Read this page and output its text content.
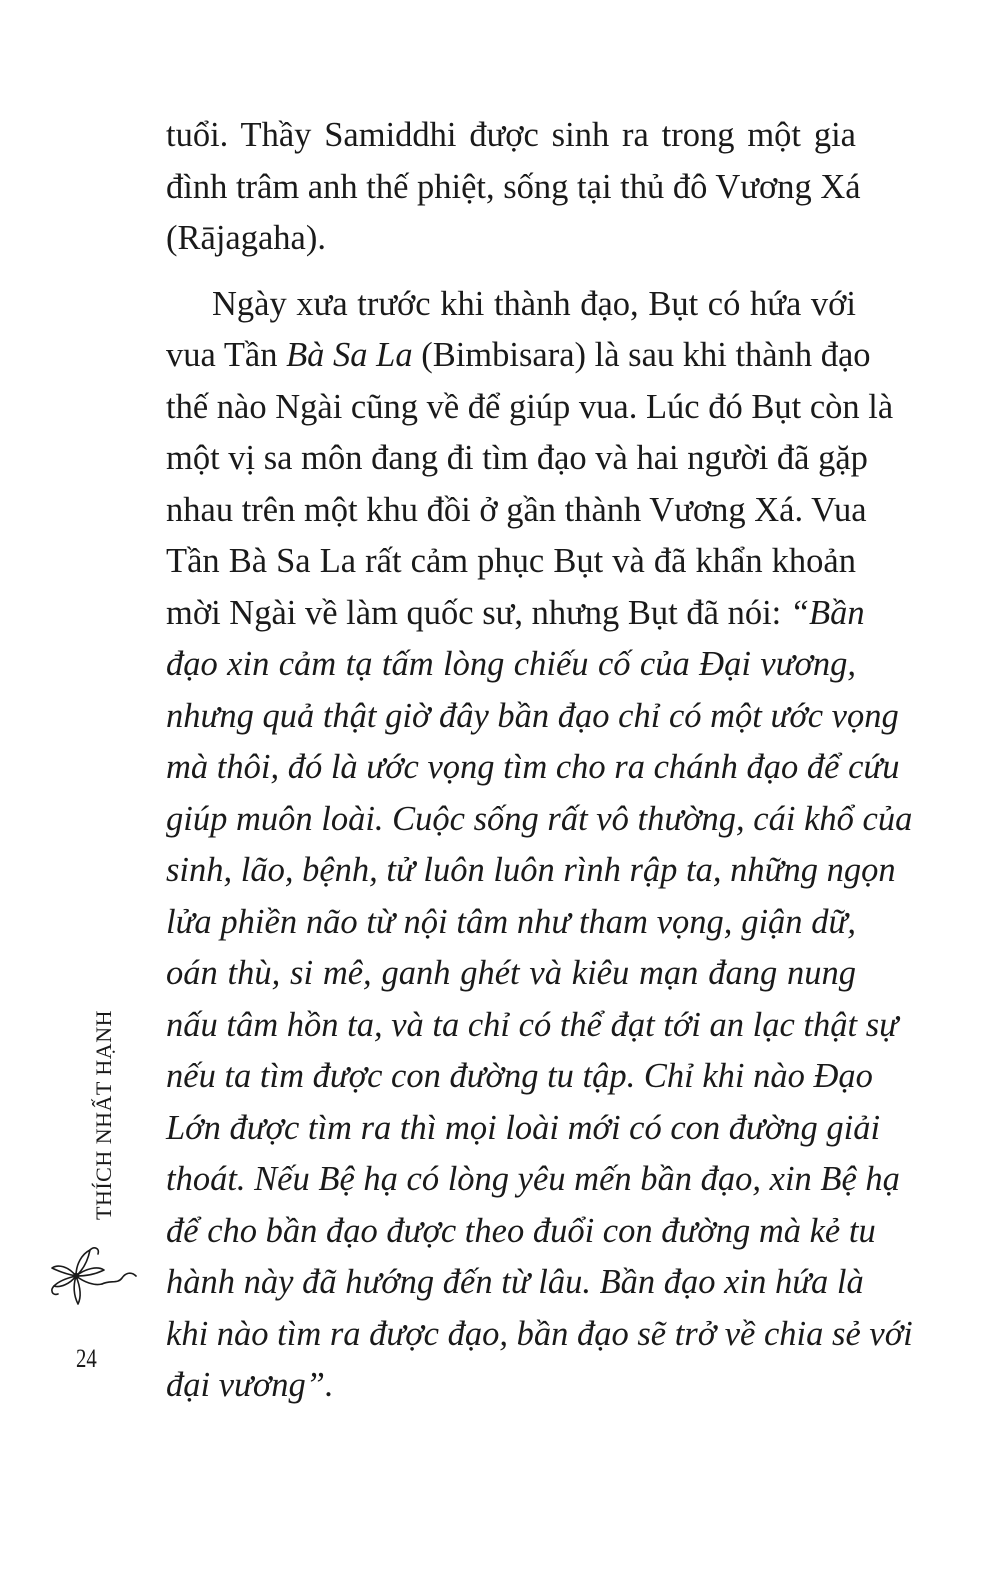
tuổi. Thầy Samiddhi được sinh ra trong một gia
đình trâm anh thế phiệt, sống tại thủ đô Vương Xá
(Rājagaha).
Ngày xưa trước khi thành đạo, Bụt có hứa với
vua Tần Bà Sa La (Bimbisara) là sau khi thành đạo
thế nào Ngài cũng về để giúp vua. Lúc đó Bụt còn là
một vị sa môn đang đi tìm đạo và hai người đã gặp
nhau trên một khu đồi ở gần thành Vương Xá. Vua
Tần Bà Sa La rất cảm phục Bụt và đã khẩn khoản
mời Ngài về làm quốc sư, nhưng Bụt đã nói: “Bần
đạo xin cảm tạ tấm lòng chiếu cố của Đại vương,
nhưng quả thật giờ đây bần đạo chỉ có một ước vọng
mà thôi, đó là ước vọng tìm cho ra chánh đạo để cứu
giúp muôn loài. Cuộc sống rất vô thường, cái khổ của
sinh, lão, bệnh, tử luôn luôn rình rập ta, những ngọn
lửa phiền não từ nội tâm như tham vọng, giận dữ,
oán thù, si mê, ganh ghét và kiêu mạn đang nung
nấu tâm hồn ta, và ta chỉ có thể đạt tới an lạc thật sự
nếu ta tìm được con đường tu tập. Chỉ khi nào Đạo
Lớn được tìm ra thì mọi loài mới có con đường giải
thoát. Nếu Bệ hạ có lòng yêu mến bần đạo, xin Bệ hạ
để cho bần đạo được theo đuổi con đường mà kẻ tu
hành này đã hướng đến từ lâu. Bần đạo xin hứa là
khi nào tìm ra được đạo, bần đạo sẽ trở về chia sẻ với
đại vương”.
THÍCH NHẤT HẠNH
24
